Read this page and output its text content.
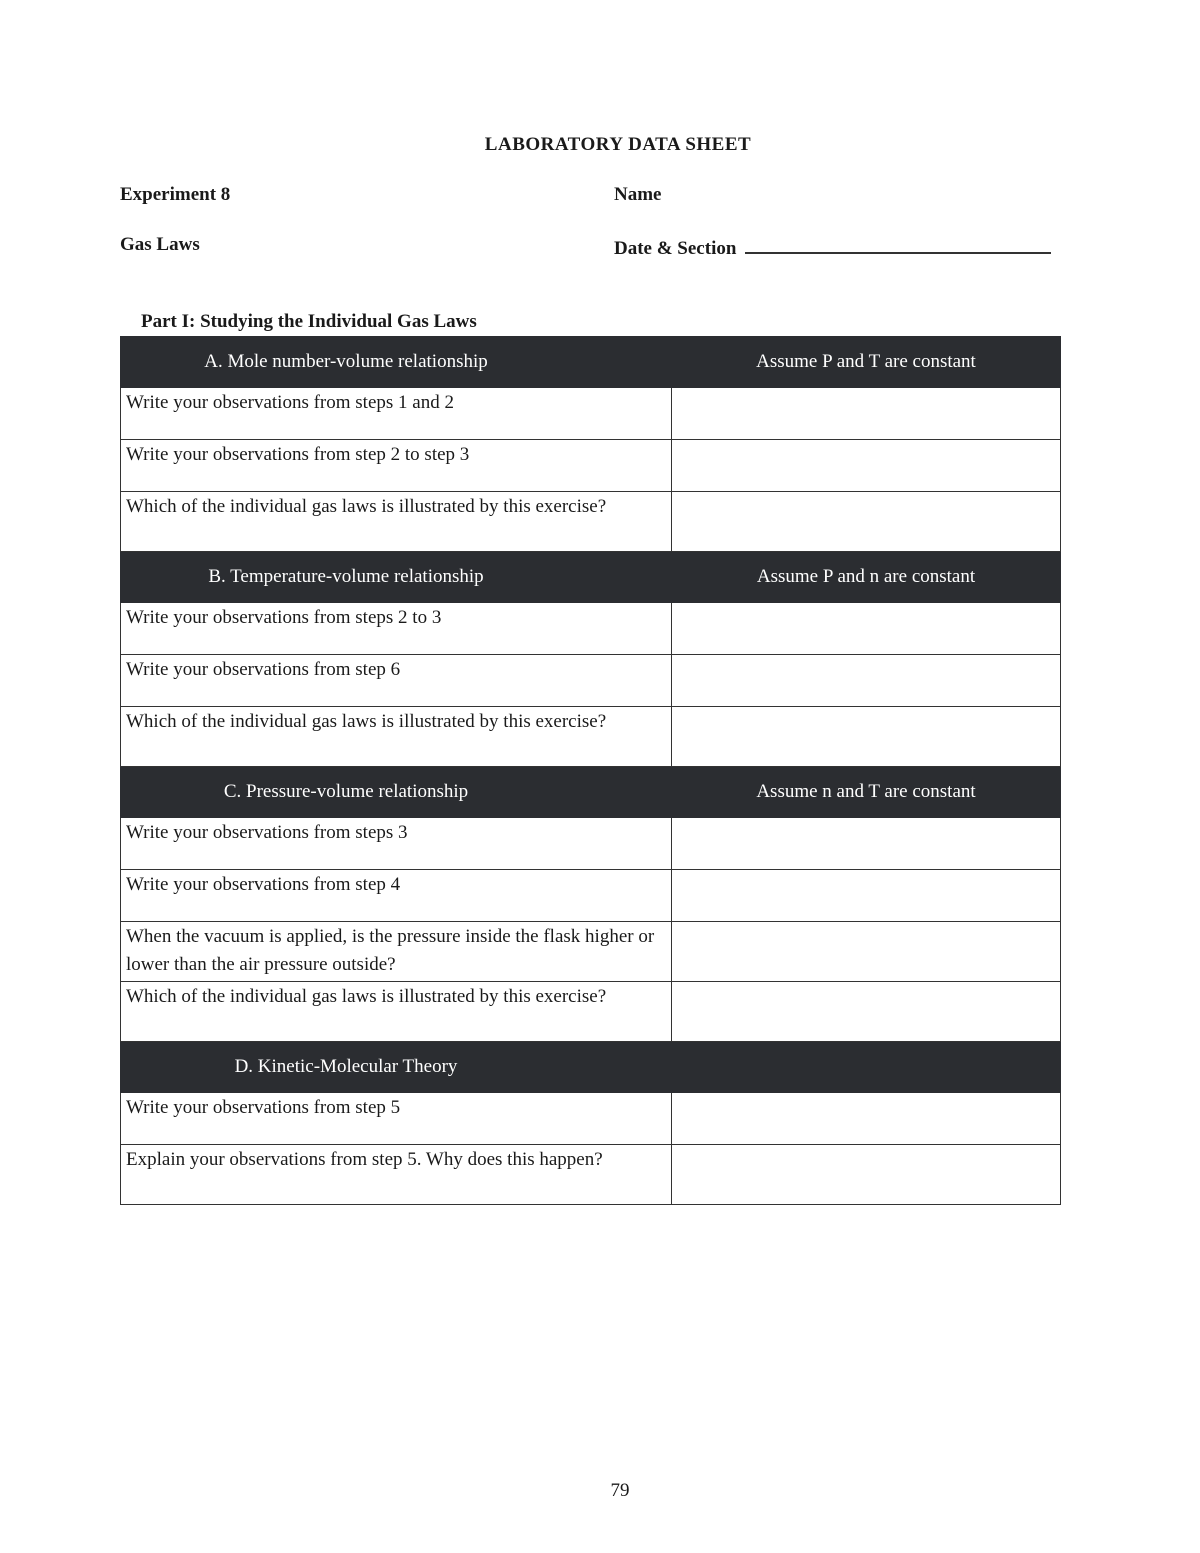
LABORATORY DATA SHEET
Experiment 8	Name
Gas Laws	Date & Section
Part I: Studying the Individual Gas Laws
A. Mole number-volume relationship	Assume P and T are constant
Write your observations from steps 1 and 2	
Write your observations from step 2 to step 3	
Which of the individual gas laws is illustrated by this exercise?	
B. Temperature-volume relationship	Assume P and n are constant
Write your observations from steps 2 to 3	
Write your observations from step 6	
Which of the individual gas laws is illustrated by this exercise?	
C. Pressure-volume relationship	Assume n and T are constant
Write your observations from steps 3	
Write your observations from step 4	
When the vacuum is applied, is the pressure inside the flask higher or lower than the air pressure outside?	
Which of the individual gas laws is illustrated by this exercise?	
D. Kinetic-Molecular Theory	
Write your observations from step 5	
Explain your observations from step 5. Why does this happen?	
79
